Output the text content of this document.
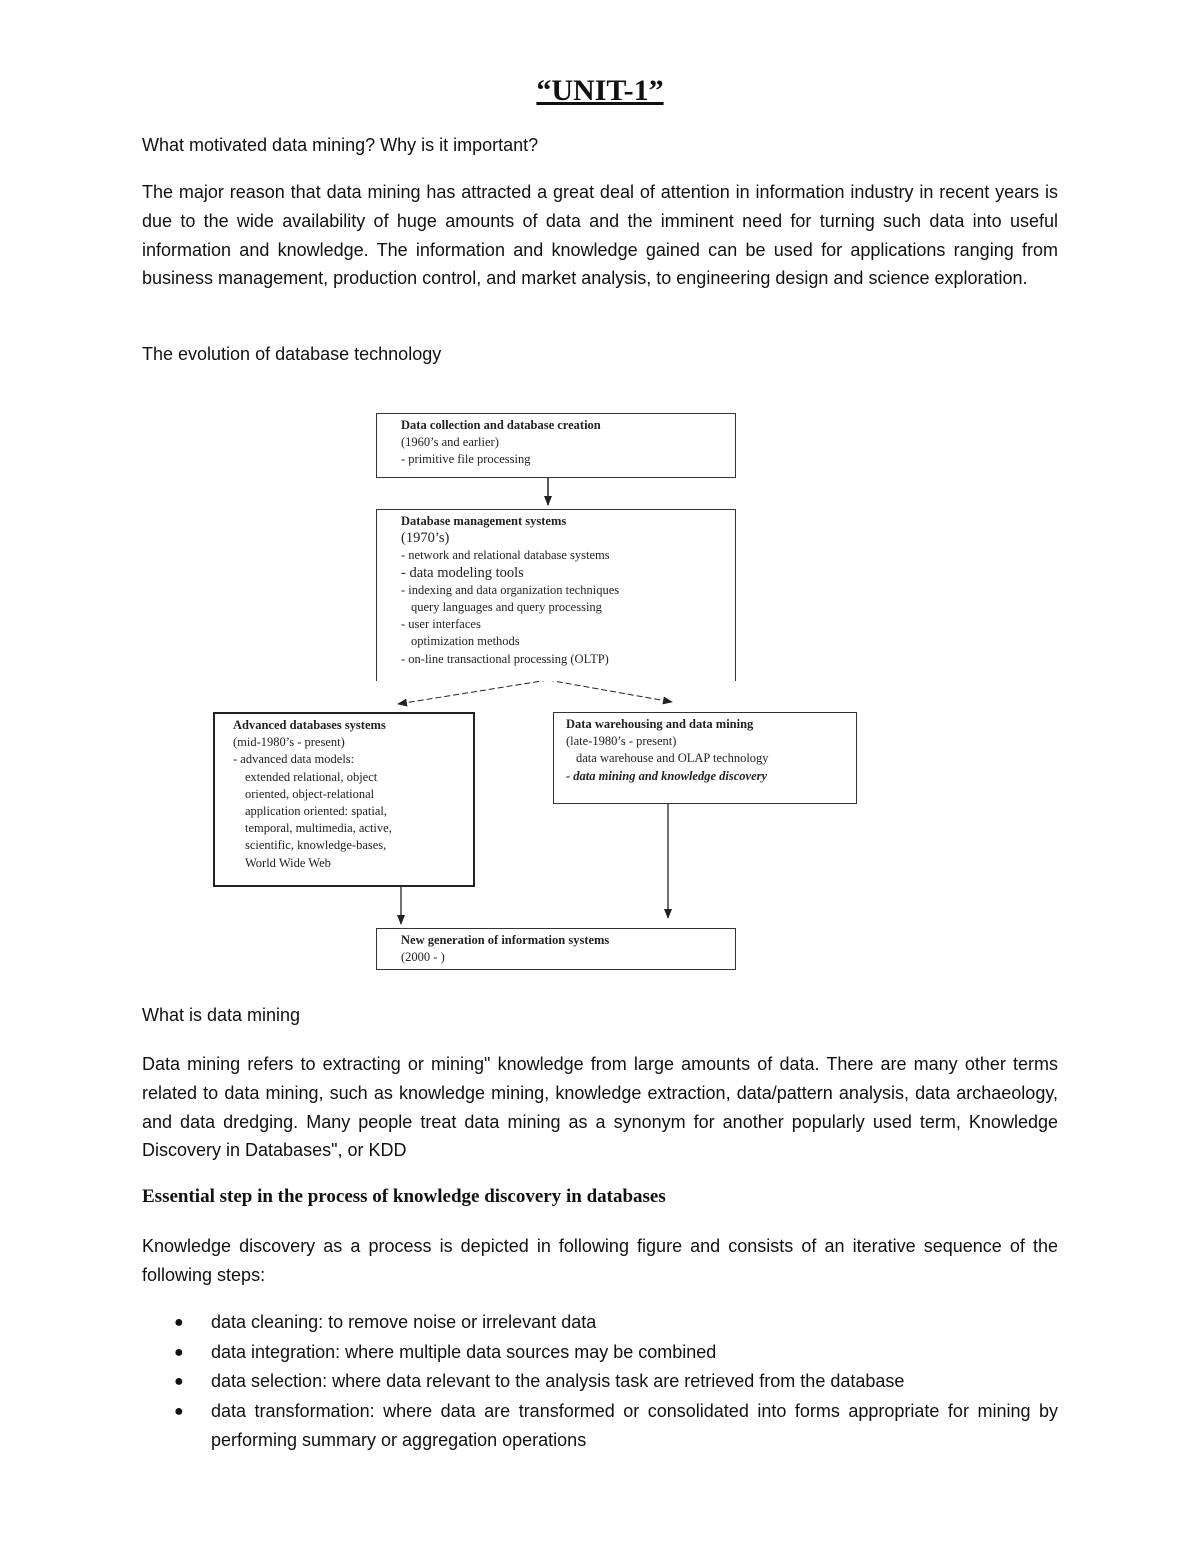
“UNIT-1”

What motivated data mining? Why is it important?

The major reason that data mining has attracted a great deal of attention in information industry in recent years is due to the wide availability of huge amounts of data and the imminent need for turning such data into useful information and knowledge. The information and knowledge gained can be used for applications ranging from business management, production control, and market analysis, to engineering design and science exploration.

The evolution of database technology

Data collection and database creation
(1960’s and earlier)
- primitive file processing
Database management systems
(1970’s)
- network and relational database systems
- data modeling tools
- indexing and data organization techniques
query languages and query processing
- user interfaces
optimization methods
- on-line transactional processing (OLTP)
Advanced databases systems
(mid-1980’s - present)
- advanced data models:
extended relational, object
oriented, object-relational
application oriented: spatial,
temporal, multimedia, active,
scientific, knowledge-bases,
World Wide Web
Data warehousing and data mining
(late-1980’s - present)
data warehouse and OLAP technology
- data mining and knowledge discovery
New generation of information systems
(2000 - )

What is data mining

Data mining refers to extracting or mining" knowledge from large amounts of data. There are many other terms related to data mining, such as knowledge mining, knowledge extraction, data/pattern analysis, data archaeology, and data dredging. Many people treat data mining as a synonym for another popularly used term, Knowledge Discovery in Databases", or KDD

Essential step in the process of knowledge discovery in databases

Knowledge discovery as a process is depicted in following figure and consists of an iterative sequence of the following steps:

● data cleaning: to remove noise or irrelevant data
● data integration: where multiple data sources may be combined
● data selection: where data relevant to the analysis task are retrieved from the database
● data transformation: where data are transformed or consolidated into forms appropriate for mining by performing summary or aggregation operations
